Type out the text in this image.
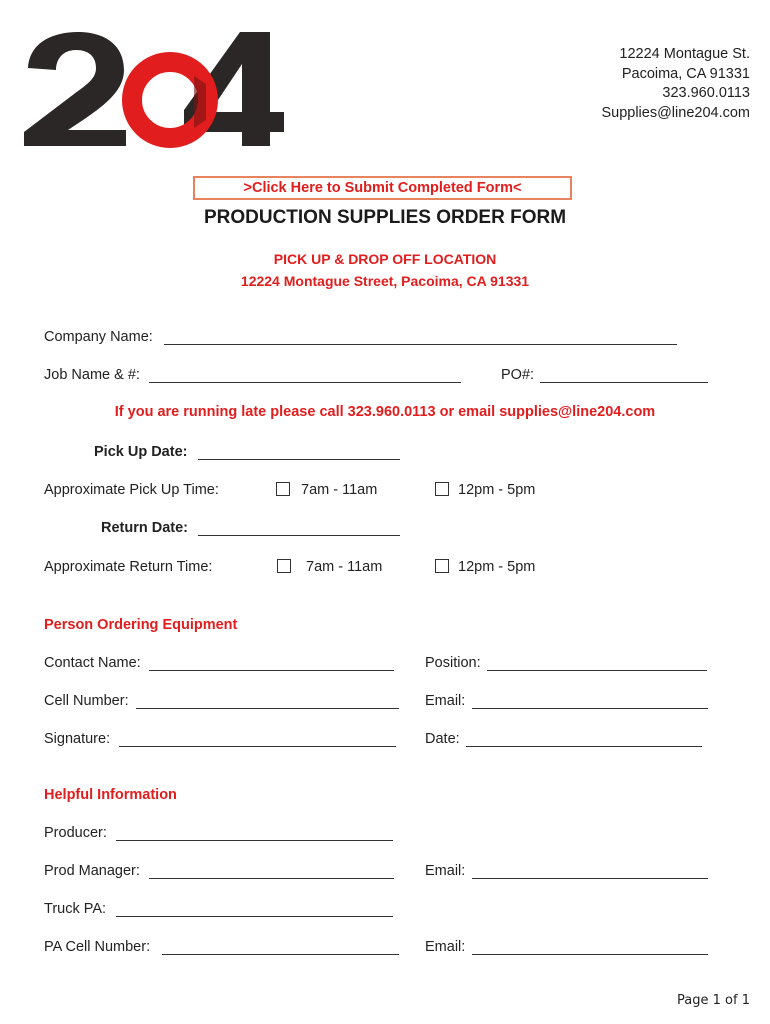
12224 Montague St.
Pacoima, CA 91331
323.960.0113
Supplies@line204.com
>Click Here to Submit Completed Form<
PRODUCTION SUPPLIES ORDER FORM
PICK UP & DROP OFF LOCATION
12224 Montague Street, Pacoima, CA 91331
Company Name:
Job Name & #:	PO#:
If you are running late please call 323.960.0113 or email supplies@line204.com
Pick Up Date:
Approximate Pick Up Time:	7am - 11am	12pm - 5pm
Return Date:
Approximate Return Time:	7am - 11am	12pm - 5pm
Person Ordering Equipment
Contact Name:	Position:
Cell Number:	Email:
Signature:	Date:
Helpful Information
Producer:
Prod Manager:	Email:
Truck PA:
PA Cell Number:	Email:
Page 1 of 1
